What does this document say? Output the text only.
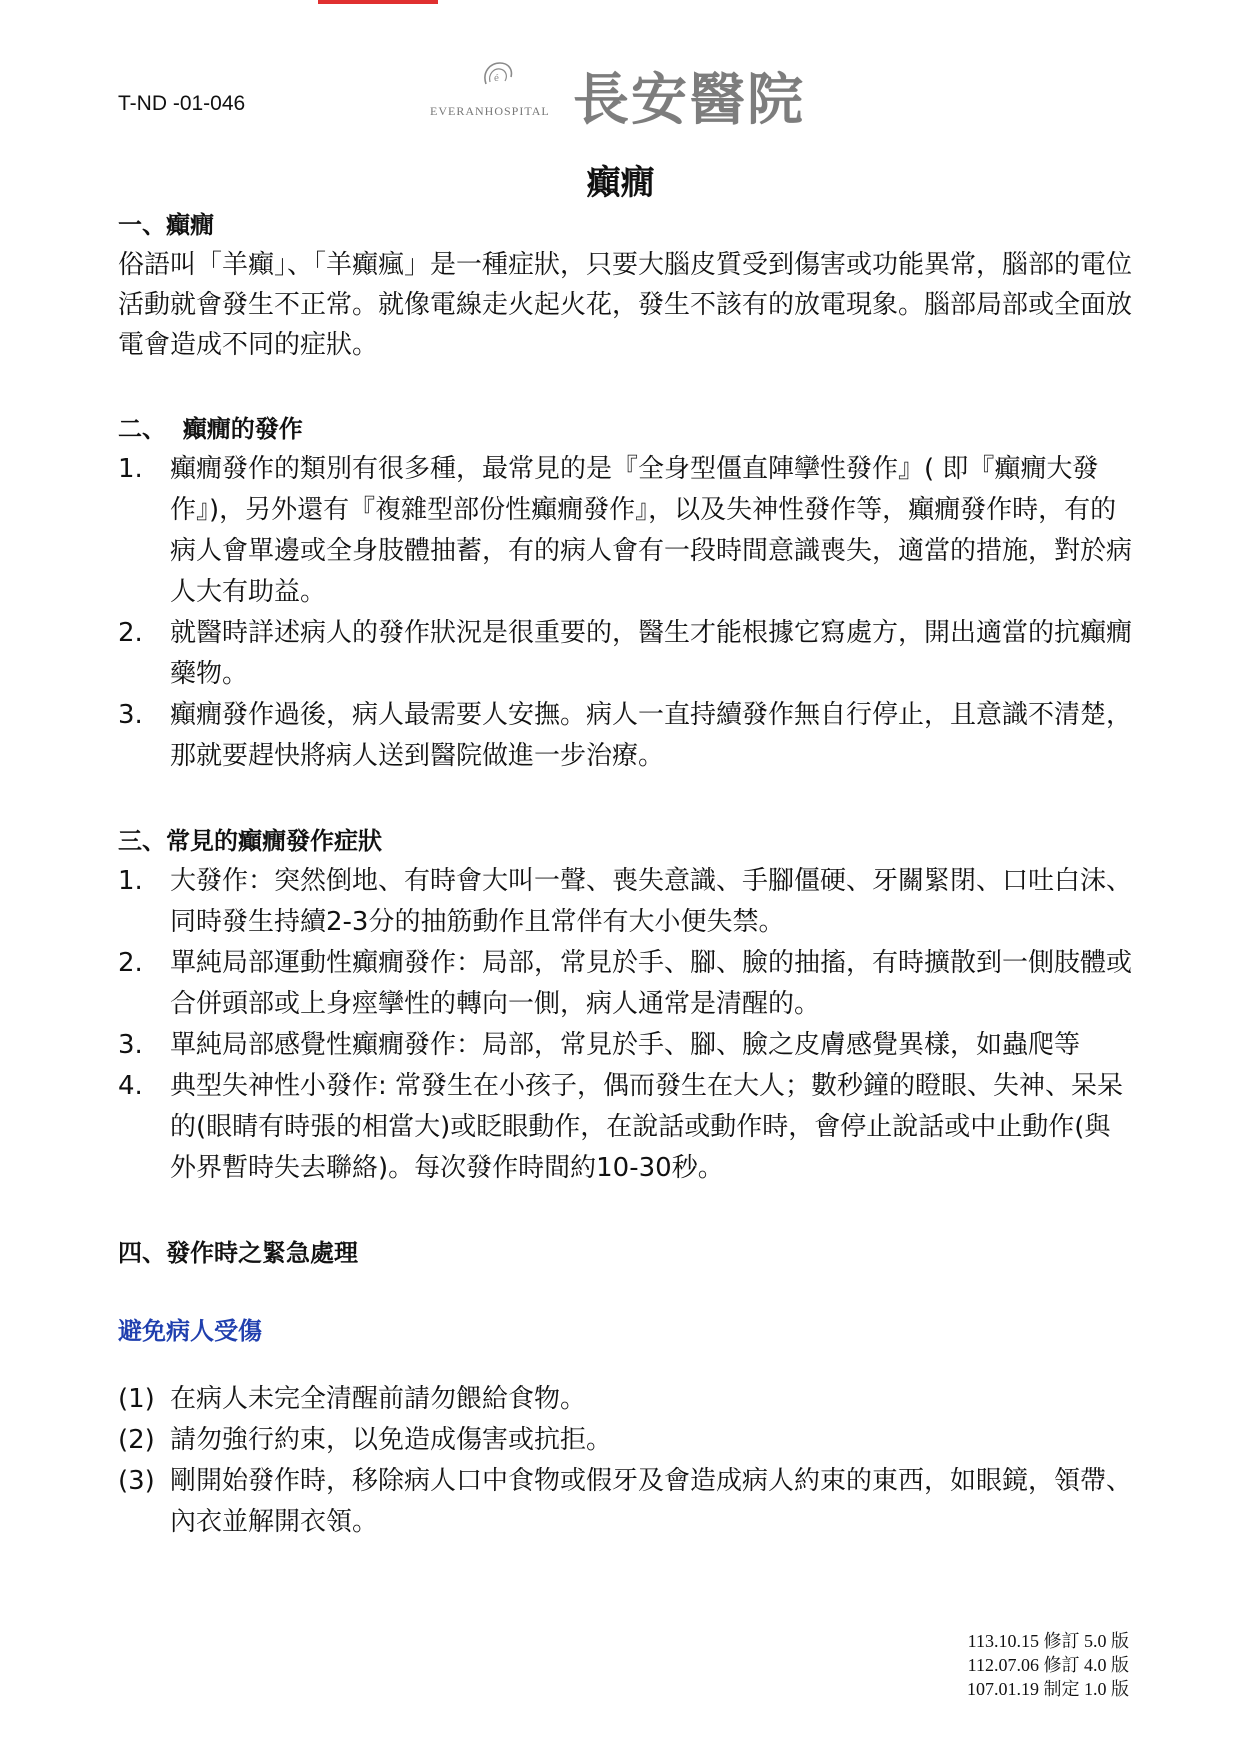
T-ND -01-046
é
EVERANHOSPITAL 長安醫院
癲癇
一、癲癇

俗語叫「羊癲」、「羊癲瘋」是一種症狀，只要大腦皮質受到傷害或功能異常，腦部的電位活動就會發生不正常。就像電線走火起火花，發生不該有的放電現象。腦部局部或全面放電會造成不同的症狀。

二、  癲癇的發作
1. 癲癇發作的類別有很多種，最常見的是『全身型僵直陣攣性發作』( 即『癲癇大發作』)，另外還有『複雜型部份性癲癇發作』，以及失神性發作等，癲癇發作時，有的病人會單邊或全身肢體抽蓄，有的病人會有一段時間意識喪失，適當的措施，對於病人大有助益。
2. 就醫時詳述病人的發作狀況是很重要的，醫生才能根據它寫處方，開出適當的抗癲癇藥物。
3. 癲癇發作過後，病人最需要人安撫。病人一直持續發作無自行停止，且意識不清楚，那就要趕快將病人送到醫院做進一步治療。
三、常見的癲癇發作症狀
1. 大發作：突然倒地、有時會大叫一聲、喪失意識、手腳僵硬、牙關緊閉、口吐白沫、同時發生持續2-3分的抽筋動作且常伴有大小便失禁。
2. 單純局部運動性癲癇發作：局部，常見於手、腳、臉的抽搐，有時擴散到一側肢體或合併頭部或上身痙攣性的轉向一側，病人通常是清醒的。
3. 單純局部感覺性癲癇發作：局部，常見於手、腳、臉之皮膚感覺異樣，如蟲爬等
4. 典型失神性小發作: 常發生在小孩子，偶而發生在大人；數秒鐘的瞪眼、失神、呆呆的(眼睛有時張的相當大)或眨眼動作，在說話或動作時，會停止說話或中止動作(與外界暫時失去聯絡)。每次發作時間約10-30秒。
四、發作時之緊急處理
避免病人受傷
(1) 在病人未完全清醒前請勿餵給食物。
(2) 請勿強行約束，以免造成傷害或抗拒。
(3) 剛開始發作時，移除病人口中食物或假牙及會造成病人約束的東西，如眼鏡，領帶、內衣並解開衣領。
113.10.15 修訂 5.0 版
112.07.06 修訂 4.0 版
107.01.19 制定 1.0 版
